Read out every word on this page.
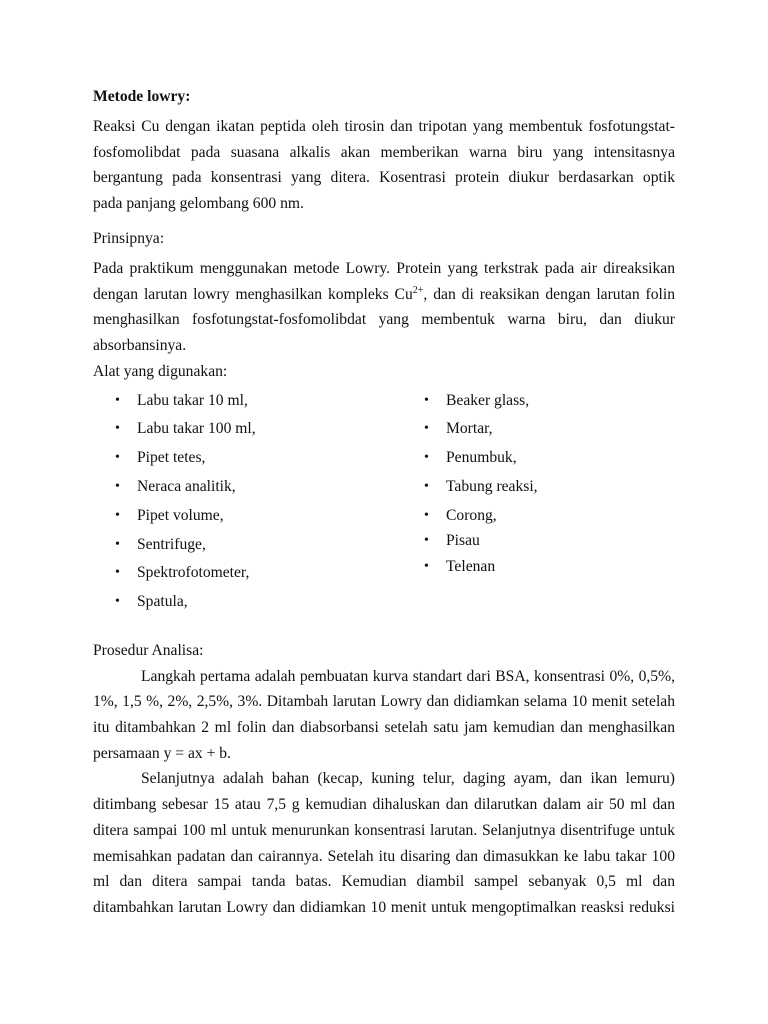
Metode lowry:
Reaksi Cu dengan ikatan peptida oleh tirosin dan tripotan yang membentuk fosfotungstat-
fosfomolibdat pada suasana alkalis akan memberikan warna biru yang intensitasnya
bergantung pada konsentrasi yang ditera. Kosentrasi protein diukur berdasarkan optik
pada panjang gelombang 600 nm.
Prinsipnya:
Pada praktikum menggunakan metode Lowry. Protein yang terkstrak pada air direaksikan
dengan larutan lowry menghasilkan kompleks $Cu^{2+}$, dan di reaksikan dengan larutan folin
menghasilkan fosfotungstat-fosfomolibdat yang membentuk warna biru, dan diukur
absorbansinya.
Alat yang digunakan:
• Labu takar 10 ml,
• Labu takar 100 ml,
• Pipet tetes,
• Neraca analitik,
• Pipet volume,
• Sentrifuge,
• Spektrofotometer,
• Spatula,
• Beaker glass,
• Mortar,
• Penumbuk,
• Tabung reaksi,
• Corong,
• Pisau
• Telenan
Prosedur Analisa:
Langkah pertama adalah pembuatan kurva standart dari BSA, konsentrasi 0%, 0,5%,
1%, 1,5 %, 2%, 2,5%, 3%. Ditambah larutan Lowry dan didiamkan selama 10 menit setelah
itu ditambahkan 2 ml folin dan diabsorbansi setelah satu jam kemudian dan menghasilkan
persamaan y = ax + b.
Selanjutnya adalah bahan (kecap, kuning telur, daging ayam, dan ikan lemuru)
ditimbang sebesar 15 atau 7,5 g kemudian dihaluskan dan dilarutkan dalam air 50 ml dan
ditera sampai 100 ml untuk menurunkan konsentrasi larutan. Selanjutnya disentrifuge untuk
memisahkan padatan dan cairannya. Setelah itu disaring dan dimasukkan ke labu takar 100
ml dan ditera sampai tanda batas. Kemudian diambil sampel sebanyak 0,5 ml dan
ditambahkan larutan Lowry dan didiamkan 10 menit untuk mengoptimalkan reasksi reduksi
